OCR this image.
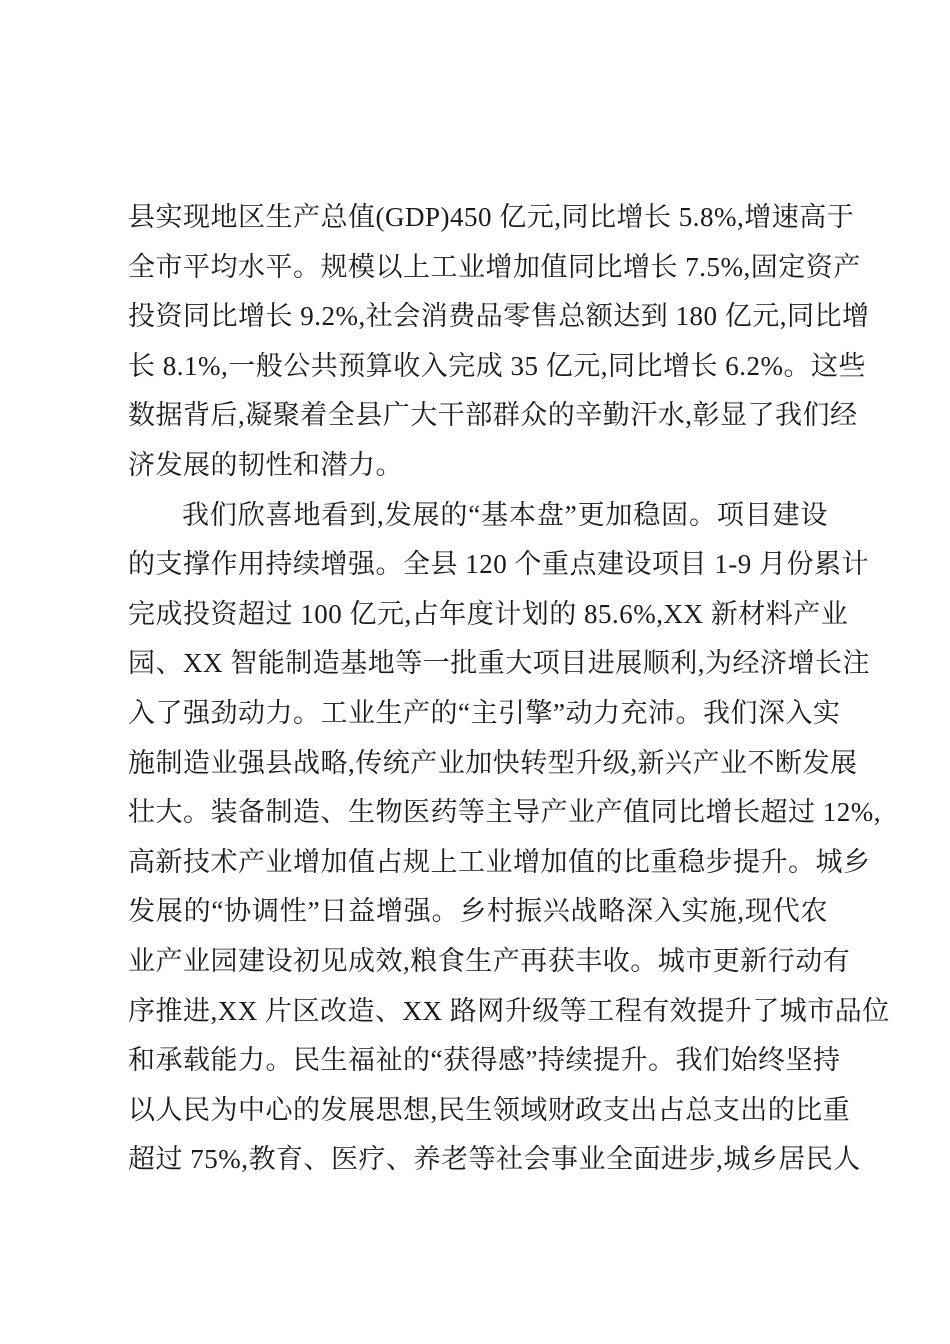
县实现地区生产总值(GDP)450 亿元,同比增长 5.8%,增速高于
全市平均水平。规模以上工业增加值同比增长 7.5%,固定资产
投资同比增长 9.2%,社会消费品零售总额达到 180 亿元,同比增
长 8.1%,一般公共预算收入完成 35 亿元,同比增长 6.2%。这些
数据背后,凝聚着全县广大干部群众的辛勤汗水,彰显了我们经
济发展的韧性和潜力。
我们欣喜地看到,发展的“基本盘”更加稳固。项目建设
的支撑作用持续增强。全县 120 个重点建设项目 1-9 月份累计
完成投资超过 100 亿元,占年度计划的 85.6%,XX 新材料产业
园、XX 智能制造基地等一批重大项目进展顺利,为经济增长注
入了强劲动力。工业生产的“主引擎”动力充沛。我们深入实
施制造业强县战略,传统产业加快转型升级,新兴产业不断发展
壮大。装备制造、生物医药等主导产业产值同比增长超过 12%,
高新技术产业增加值占规上工业增加值的比重稳步提升。城乡
发展的“协调性”日益增强。乡村振兴战略深入实施,现代农
业产业园建设初见成效,粮食生产再获丰收。城市更新行动有
序推进,XX 片区改造、XX 路网升级等工程有效提升了城市品位
和承载能力。民生福祉的“获得感”持续提升。我们始终坚持
以人民为中心的发展思想,民生领域财政支出占总支出的比重
超过 75%,教育、医疗、养老等社会事业全面进步,城乡居民人
